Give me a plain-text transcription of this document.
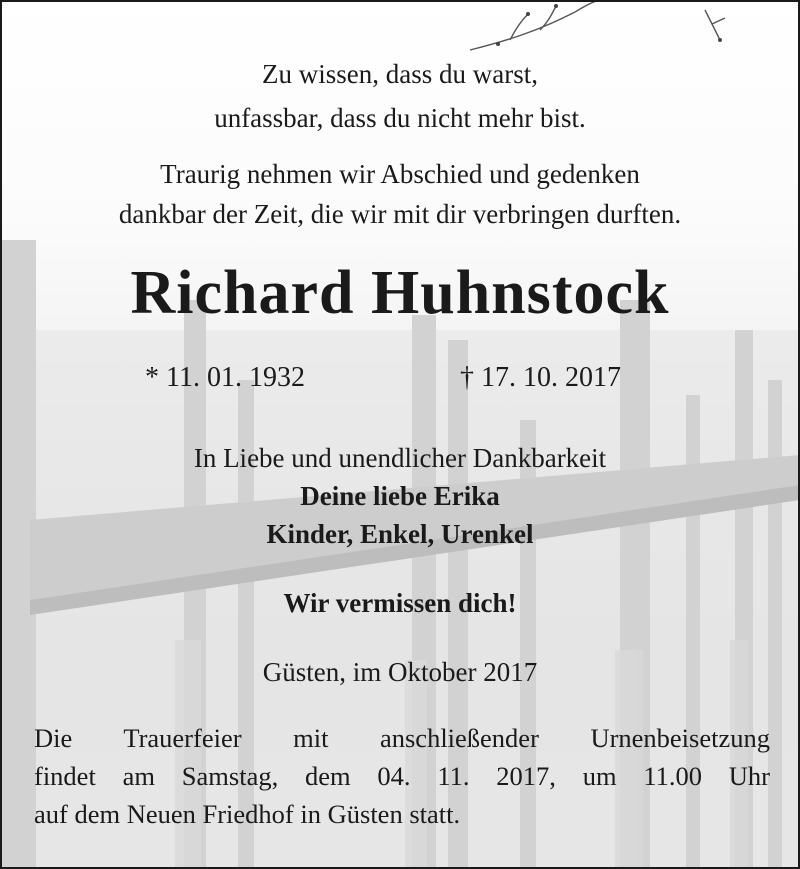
Zu wissen, dass du warst,
unfassbar, dass du nicht mehr bist.
Traurig nehmen wir Abschied und gedenken
dankbar der Zeit, die wir mit dir verbringen durften.
Richard Huhnstock
* 11. 01. 1932	† 17. 10. 2017
In Liebe und unendlicher Dankbarkeit
Deine liebe Erika
Kinder, Enkel, Urenkel
Wir vermissen dich!
Güsten, im Oktober 2017
Die Trauerfeier mit anschließender Urnenbeisetzung
findet am Samstag, dem 04. 11. 2017, um 11.00 Uhr
auf dem Neuen Friedhof in Güsten statt.
